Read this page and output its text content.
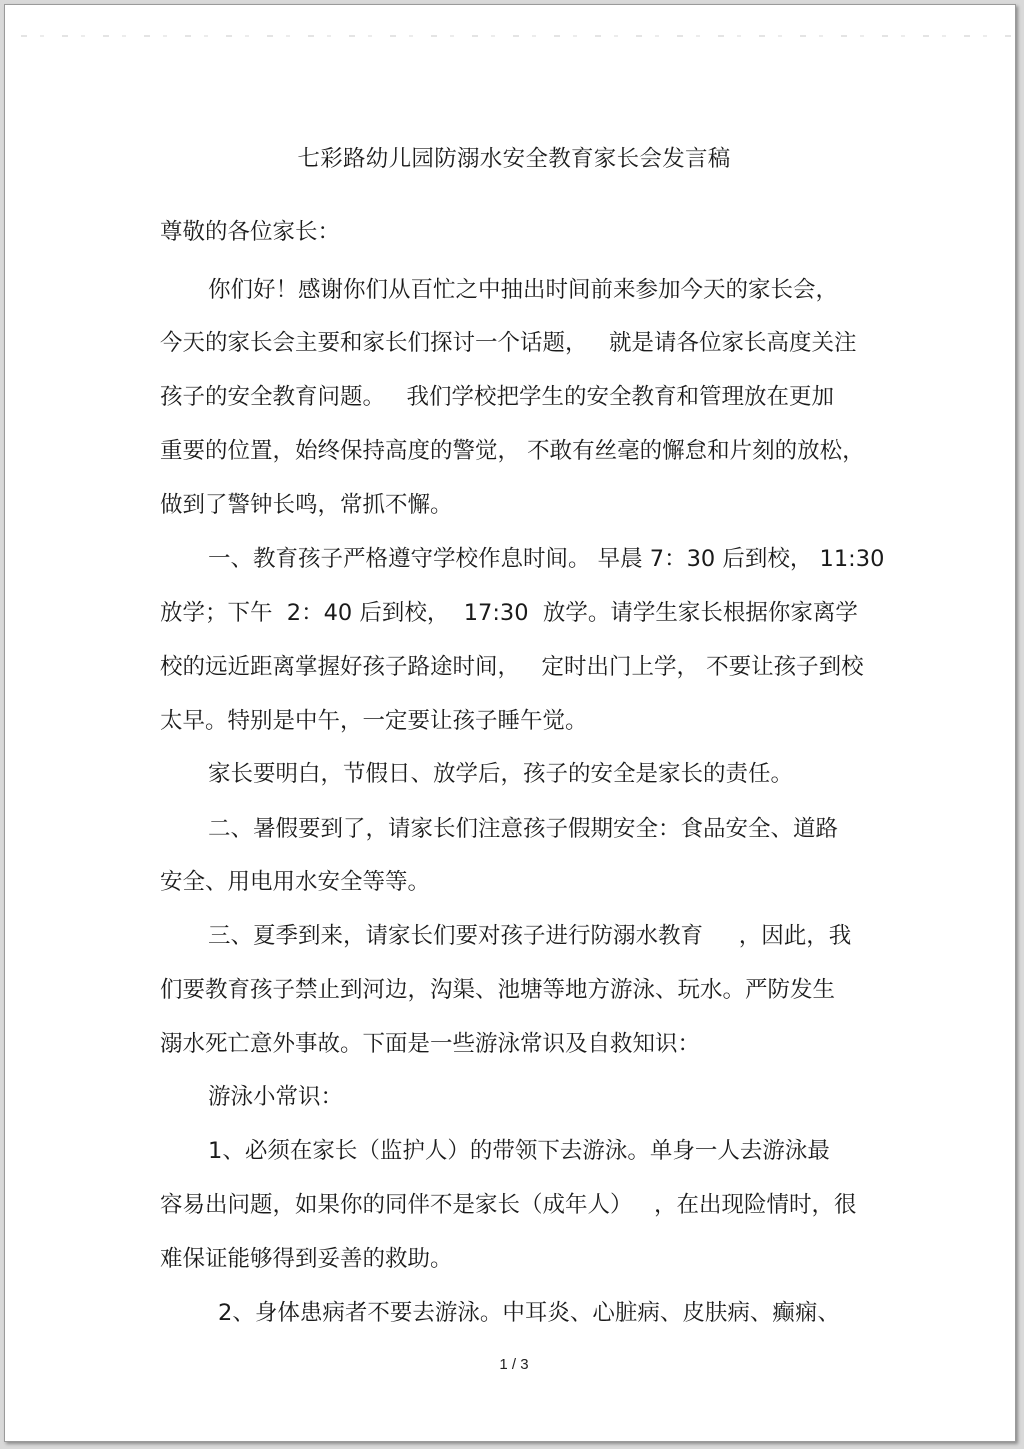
七彩路幼儿园防溺水安全教育家长会发言稿

尊敬的各位家长：

你们好！感谢你们从百忙之中抽出时间前来参加今天的家长会，

今天的家长会主要和家长们探讨一个话题，   就是请各位家长高度关注

孩子的安全教育问题。   我们学校把学生的安全教育和管理放在更加

重要的位置，始终保持高度的警觉， 不敢有丝毫的懈怠和片刻的放松，

做到了警钟长鸣，常抓不懈。

一、教育孩子严格遵守学校作息时间。 早晨 7：30 后到校， 11:30

放学；下午  2：40 后到校，  17:30  放学。请学生家长根据你家离学

校的远近距离掌握好孩子路途时间，   定时出门上学， 不要让孩子到校

太早。特别是中午，一定要让孩子睡午觉。

家长要明白，节假日、放学后，孩子的安全是家长的责任。

二、暑假要到了，请家长们注意孩子假期安全：食品安全、道路

安全、用电用水安全等等。

三、夏季到来，请家长们要对孩子进行防溺水教育     ，因此，我

们要教育孩子禁止到河边，沟渠、池塘等地方游泳、玩水。严防发生

溺水死亡意外事故。下面是一些游泳常识及自救知识：

游泳小常识：

1、必须在家长（监护人）的带领下去游泳。单身一人去游泳最

容易出问题，如果你的同伴不是家长（成年人）   ，在出现险情时，很

难保证能够得到妥善的救助。

2、身体患病者不要去游泳。中耳炎、心脏病、皮肤病、癫痫、

1 / 3
